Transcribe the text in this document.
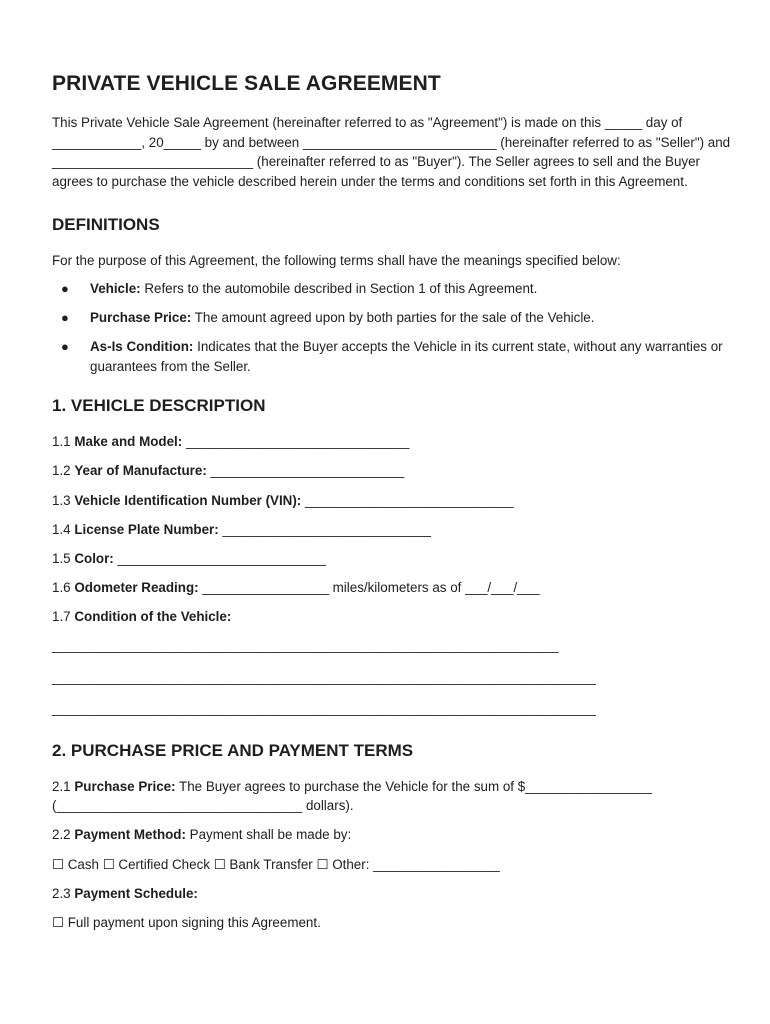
PRIVATE VEHICLE SALE AGREEMENT

This Private Vehicle Sale Agreement (hereinafter referred to as "Agreement") is made on this _____ day of ____________, 20_____ by and between __________________________ (hereinafter referred to as "Seller") and ___________________________ (hereinafter referred to as "Buyer"). The Seller agrees to sell and the Buyer agrees to purchase the vehicle described herein under the terms and conditions set forth in this Agreement.

DEFINITIONS

For the purpose of this Agreement, the following terms shall have the meanings specified below:

● Vehicle: Refers to the automobile described in Section 1 of this Agreement.
● Purchase Price: The amount agreed upon by both parties for the sale of the Vehicle.
● As-Is Condition: Indicates that the Buyer accepts the Vehicle in its current state, without any warranties or guarantees from the Seller.
1. VEHICLE DESCRIPTION

1.1 Make and Model: ______________________________

1.2 Year of Manufacture: __________________________

1.3 Vehicle Identification Number (VIN): ____________________________

1.4 License Plate Number: ____________________________

1.5 Color: ____________________________

1.6 Odometer Reading: _________________ miles/kilometers as of ___/___/___

1.7 Condition of the Vehicle:

____________________________________________________________________

_________________________________________________________________________

_________________________________________________________________________

2. PURCHASE PRICE AND PAYMENT TERMS

2.1 Purchase Price: The Buyer agrees to purchase the Vehicle for the sum of $_________________ (_________________________________ dollars).

2.2 Payment Method: Payment shall be made by:

☐ Cash ☐ Certified Check ☐ Bank Transfer ☐ Other: _________________

2.3 Payment Schedule:

☐ Full payment upon signing this Agreement.
